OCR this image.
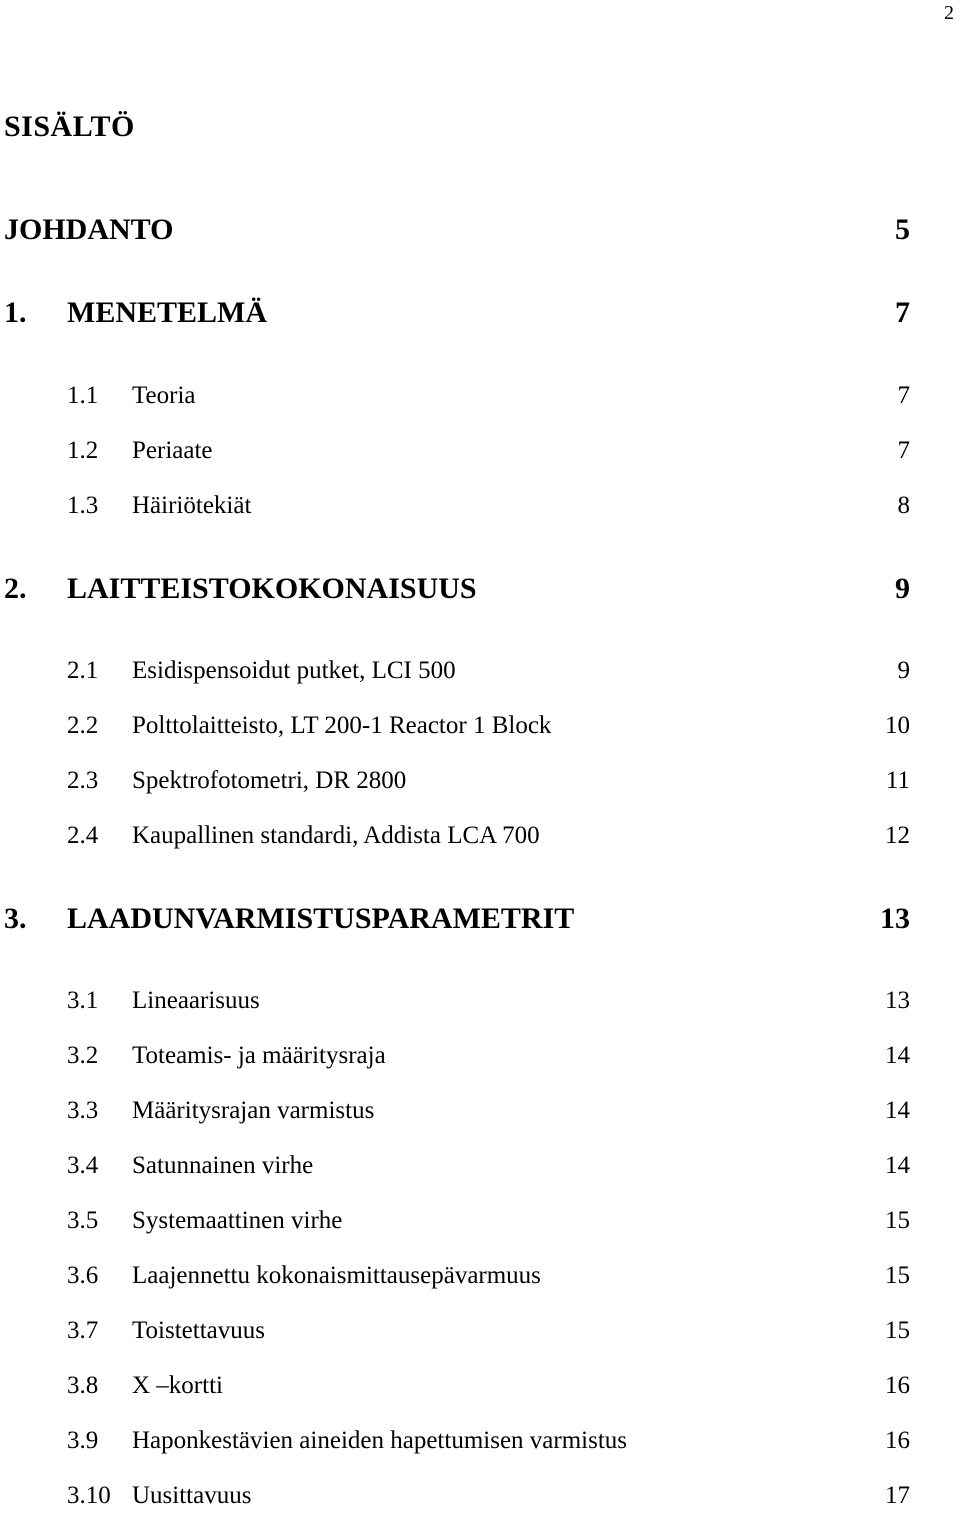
2
SISÄLTÖ
JOHDANTO	5
1. MENETELMÄ	7
1.1 Teoria	7
1.2 Periaate	7
1.3 Häiriötekiät	8
2. LAITTEISTOKOKONAISUUS	9
2.1 Esidispensoidut putket, LCI 500	9
2.2 Polttolaitteisto, LT 200-1 Reactor 1 Block	10
2.3 Spektrofotometri, DR 2800	11
2.4 Kaupallinen standardi, Addista LCA 700	12
3. LAADUNVARMISTUSPARAMETRIT	13
3.1 Lineaarisuus	13
3.2 Toteamis- ja määritysraja	14
3.3 Määritysrajan varmistus	14
3.4 Satunnainen virhe	14
3.5 Systemaattinen virhe	15
3.6 Laajennettu kokonaismittausepävarmuus	15
3.7 Toistettavuus	15
3.8 X –kortti	16
3.9 Haponkestävien aineiden hapettumisen varmistus	16
3.10 Uusittavuus	17
